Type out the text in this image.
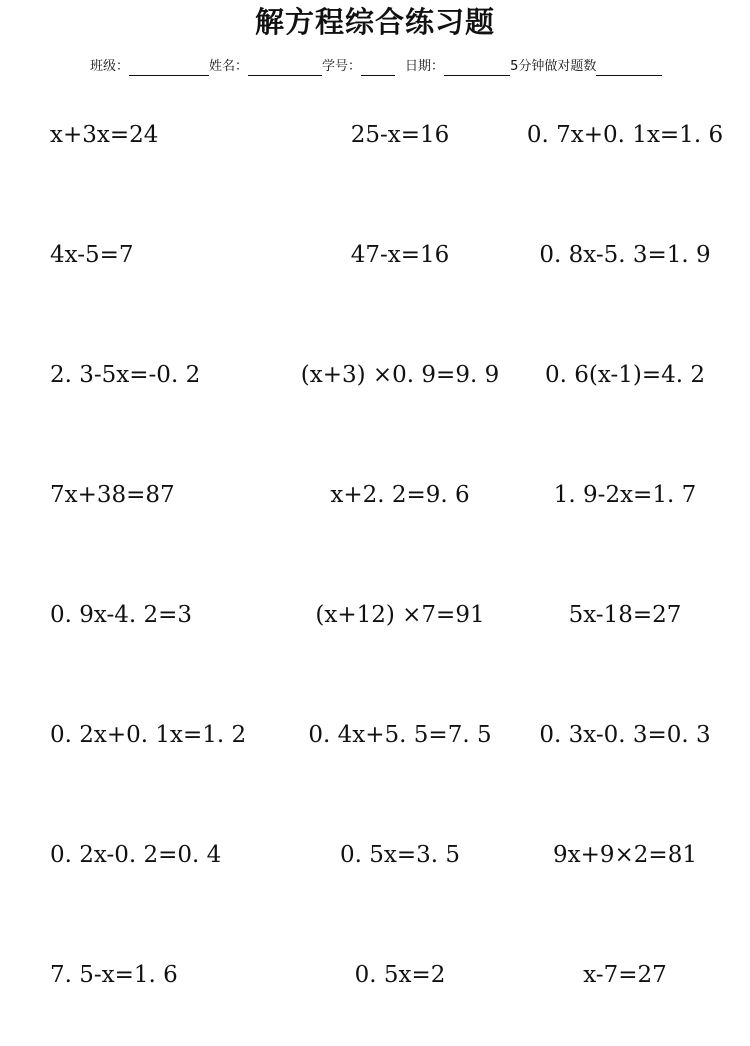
解方程综合练习题
班级：	姓名：	学号：	日期：	5分钟做对题数
x+3x=24	25-x=16	0. 7x+0. 1x=1. 6
4x-5=7	47-x=16	0. 8x-5. 3=1. 9
2. 3-5x=-0. 2	(x+3) ×0. 9=9. 9	0. 6(x-1)=4. 2
7x+38=87	x+2. 2=9. 6	1. 9-2x=1. 7
0. 9x-4. 2=3	(x+12) ×7=91	5x-18=27
0. 2x+0. 1x=1. 2	0. 4x+5. 5=7. 5	0. 3x-0. 3=0. 3
0. 2x-0. 2=0. 4	0. 5x=3. 5	9x+9×2=81
7. 5-x=1. 6	0. 5x=2	x-7=27
